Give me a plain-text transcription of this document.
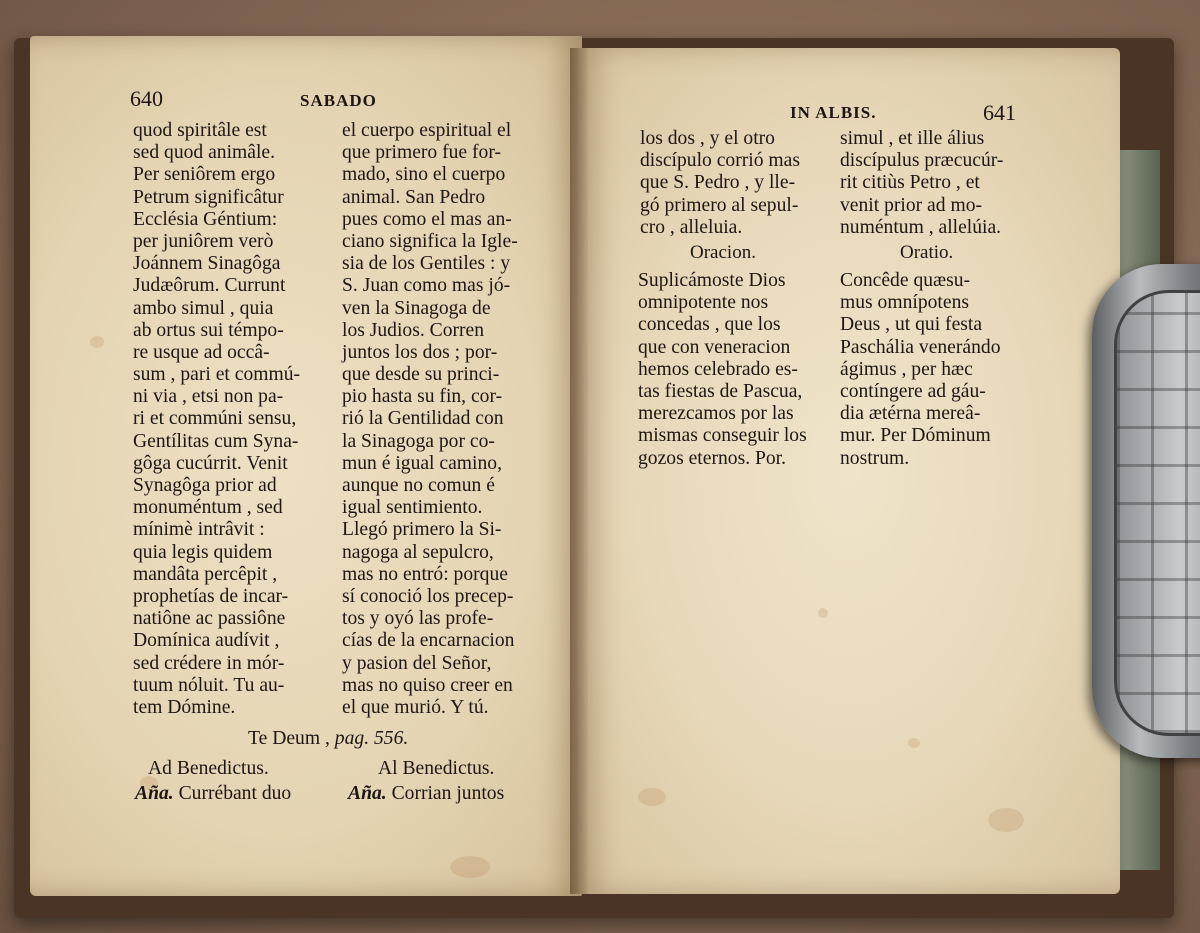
640	SABADO
quod spiritâle est
sed quod animâle.
Per seniôrem ergo
Petrum significâtur
Ecclésia Géntium:
per juniôrem verò
Joánnem Sinagôga
Judæôrum. Currunt
ambo simul , quia
ab ortus sui témpo-
re usque ad occâ-
sum , pari et commú-
ni via , etsi non pa-
ri et commúni sensu,
Gentílitas cum Syna-
gôga cucúrrit. Venit
Synagôga prior ad
monuméntum , sed
mínimè intrâvit :
quia legis quidem
mandâta percêpit ,
prophetías de incar-
natiône ac passiône
Domínica audívit ,
sed crédere in mór-
tuum nóluit. Tu au-
tem Dómine.
el cuerpo espiritual el
que primero fue for-
mado, sino el cuerpo
animal. San Pedro
pues como el mas an-
ciano significa la Igle-
sia de los Gentiles : y
S. Juan como mas jó-
ven la Sinagoga de
los Judios. Corren
juntos los dos ; por-
que desde su princi-
pio hasta su fin, cor-
rió la Gentilidad con
la Sinagoga por co-
mun é igual camino,
aunque no comun é
igual sentimiento.
Llegó primero la Si-
nagoga al sepulcro,
mas no entró: porque
sí conoció los precep-
tos y oyó las profe-
cías de la encarnacion
y pasion del Señor,
mas no quiso creer en
el que murió. Y tú.
Te Deum , pag. 556.
Ad Benedictus.	Al Benedictus.
Aña. Currébant duo	Aña. Corrian juntos
IN ALBIS.	641
los dos , y el otro
discípulo corrió mas
que S. Pedro , y lle-
gó primero al sepul-
cro , alleluia.
simul , et ille álius
discípulus præcucúr-
rit citiùs Petro , et
venit prior ad mo-
numéntum , allelúia.
Oracion.	Oratio.
Suplicámoste Dios
omnipotente nos
concedas , que los
que con veneracion
hemos celebrado es-
tas fiestas de Pascua,
merezcamos por las
mismas conseguir los
gozos eternos. Por.
Concêde quæsu-
mus omnípotens
Deus , ut qui festa
Paschália venerándo
ágimus , per hæc
contíngere ad gáu-
dia ætérna mereâ-
mur. Per Dóminum
nostrum.
